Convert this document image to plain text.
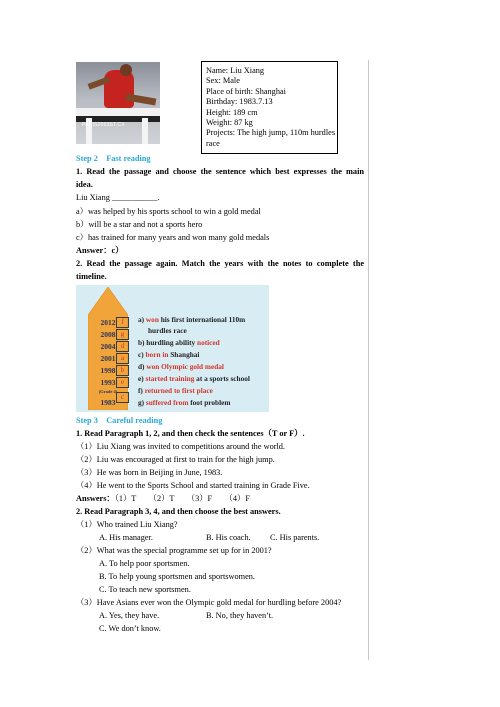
PARIS2003ST.CX
Name: Liu Xiang
Sex: Male
Place of birth: Shanghai
Birthday: 1983.7.13
Height: 189 cm
Weight: 87 kg
Projects: The high jump, 110m hurdles race
Step 2　Fast reading
1. Read the passage and choose the sentence which best expresses the main
idea.
Liu Xiang ___________.
a）was helped by his sports school to win a gold medal
b）will be a star and not a sports hero
c）has trained for many years and won many gold medals
Answer：c）
2. Read the passage again. Match the years with the notes to complete the
timeline.
2012
2008
2004
2001
1998
1993
(Grade 4)
1983
f
g
d
a
b
e
c
a) won his first international 110m
hurdles race
b) hurdling ability noticed
c) born in Shanghai
d) won Olympic gold medal
e) started training at a sports school
f) returned to first place
g) suffered from foot problem
Step 3　Careful reading
1. Read Paragraph 1, 2, and then check the sentences（T or F）.
（1）Liu Xiang was invited to competitions around the world.
（2）Liu was encouraged at first to train for the high jump.
（3）He was born in Beijing in June, 1983.
（4）He went to the Sports School and started training in Grade Five.
Answers：（1）T　　（2）T　　（3）F　　（4）F
2. Read Paragraph 3, 4, and then choose the best answers.
（1）Who trained Liu Xiang?
A. His manager.	B. His coach. C. His parents.
（2）What was the special programme set up for in 2001?
A. To help poor sportsmen.
B. To help young sportsmen and sportswomen.
C. To teach new sportsmen.
（3）Have Asians ever won the Olympic gold medal for hurdling before 2004?
A. Yes, they have.	B. No, they haven’t.
C. We don’t know.
